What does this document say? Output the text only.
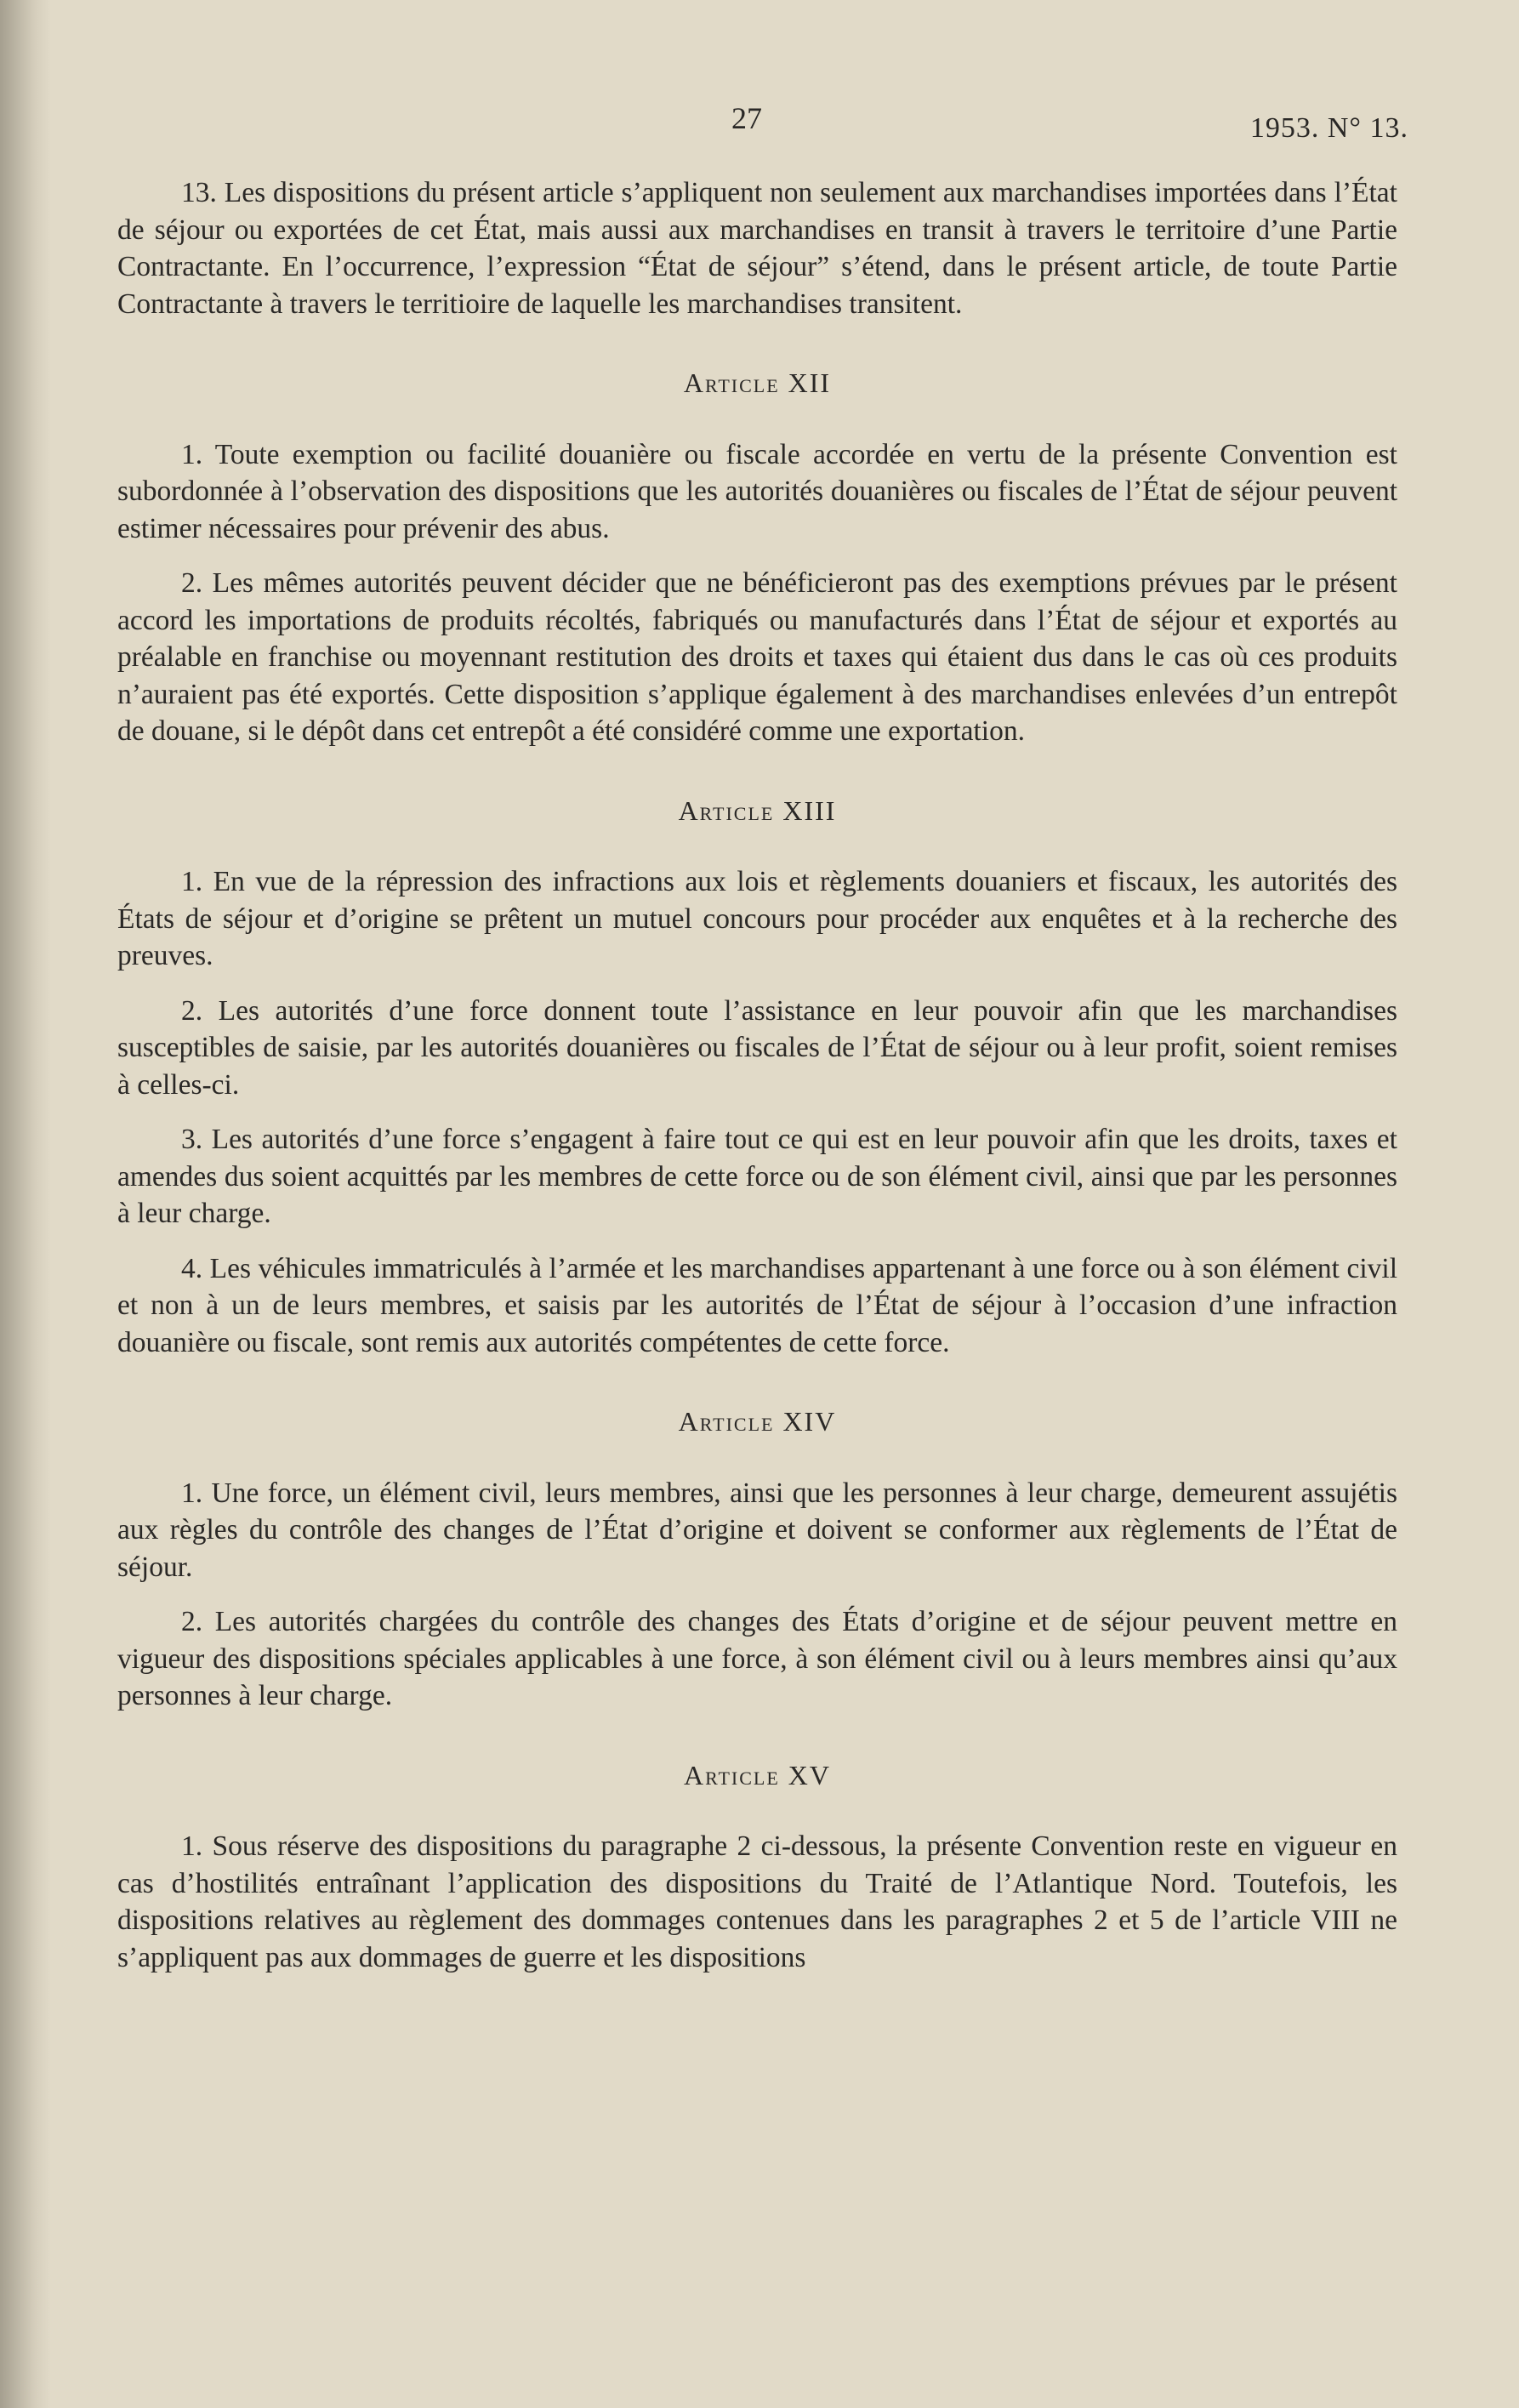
27	1953. N° 13.

13. Les dispositions du présent article s’appliquent non seulement aux marchandises importées dans l’État de séjour ou exportées de cet État, mais aussi aux marchandises en transit à travers le territoire d’une Partie Contractante. En l’occurrence, l’expression “État de séjour” s’étend, dans le présent article, de toute Partie Contractante à travers le territioire de laquelle les marchandises transitent.

Article XII

1. Toute exemption ou facilité douanière ou fiscale accordée en vertu de la présente Convention est subordonnée à l’observation des dispositions que les autorités douanières ou fiscales de l’État de séjour peuvent estimer nécessaires pour prévenir des abus.

2. Les mêmes autorités peuvent décider que ne bénéficieront pas des exemptions prévues par le présent accord les importations de produits récoltés, fabriqués ou manufacturés dans l’État de séjour et exportés au préalable en franchise ou moyennant restitution des droits et taxes qui étaient dus dans le cas où ces produits n’auraient pas été exportés. Cette disposition s’applique également à des marchandises enlevées d’un entrepôt de douane, si le dépôt dans cet entrepôt a été considéré comme une exportation.

Article XIII

1. En vue de la répression des infractions aux lois et règlements douaniers et fiscaux, les autorités des États de séjour et d’origine se prêtent un mutuel concours pour procéder aux enquêtes et à la recherche des preuves.

2. Les autorités d’une force donnent toute l’assistance en leur pouvoir afin que les marchandises susceptibles de saisie, par les autorités douanières ou fiscales de l’État de séjour ou à leur profit, soient remises à celles-ci.

3. Les autorités d’une force s’engagent à faire tout ce qui est en leur pouvoir afin que les droits, taxes et amendes dus soient acquittés par les membres de cette force ou de son élément civil, ainsi que par les personnes à leur charge.

4. Les véhicules immatriculés à l’armée et les marchandises appartenant à une force ou à son élément civil et non à un de leurs membres, et saisis par les autorités de l’État de séjour à l’occasion d’une infraction douanière ou fiscale, sont remis aux autorités compétentes de cette force.

Article XIV

1. Une force, un élément civil, leurs membres, ainsi que les personnes à leur charge, demeurent assujétis aux règles du contrôle des changes de l’État d’origine et doivent se conformer aux règlements de l’État de séjour.

2. Les autorités chargées du contrôle des changes des États d’origine et de séjour peuvent mettre en vigueur des dispositions spéciales applicables à une force, à son élément civil ou à leurs membres ainsi qu’aux personnes à leur charge.

Article XV

1. Sous réserve des dispositions du paragraphe 2 ci-dessous, la présente Convention reste en vigueur en cas d’hostilités entraînant l’application des dispositions du Traité de l’Atlantique Nord. Toutefois, les dispositions relatives au règlement des dommages contenues dans les paragraphes 2 et 5 de l’article VIII ne s’appliquent pas aux dommages de guerre et les dispositions
